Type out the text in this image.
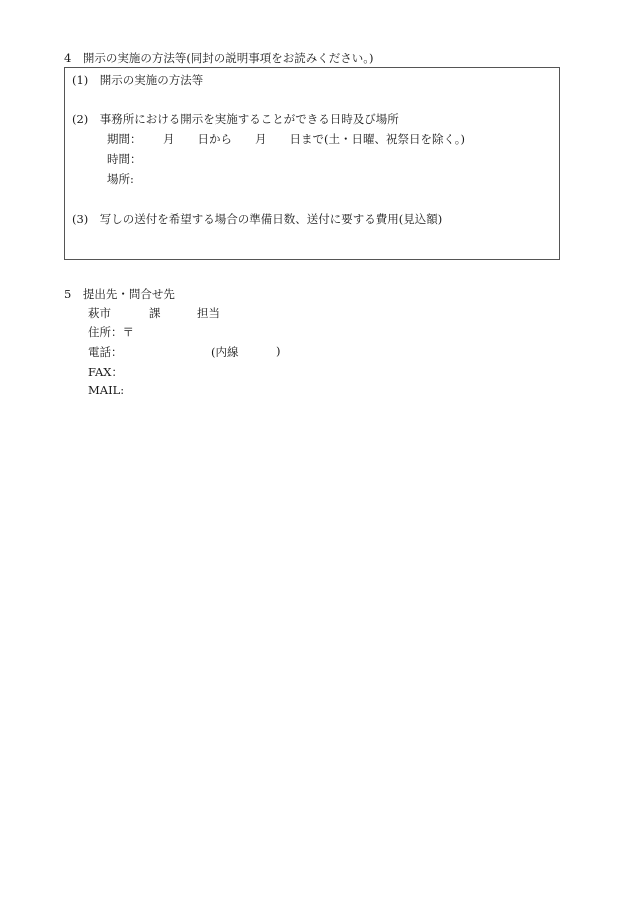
4　開示の実施の方法等(同封の説明事項をお読みください。)
(1)　開示の実施の方法等
(2)　事務所における開示を実施することができる日時及び場所
期間： 月　　日から　　月　　日まで(土・日曜、祝祭日を除く。)
時間：
場所:
(3)　写しの送付を希望する場合の準備日数、送付に要する費用(見込額)
5　提出先・問合せ先
萩市	課	担当
住所：〒
電話：	(内線	)
FAX：
MAIL:
